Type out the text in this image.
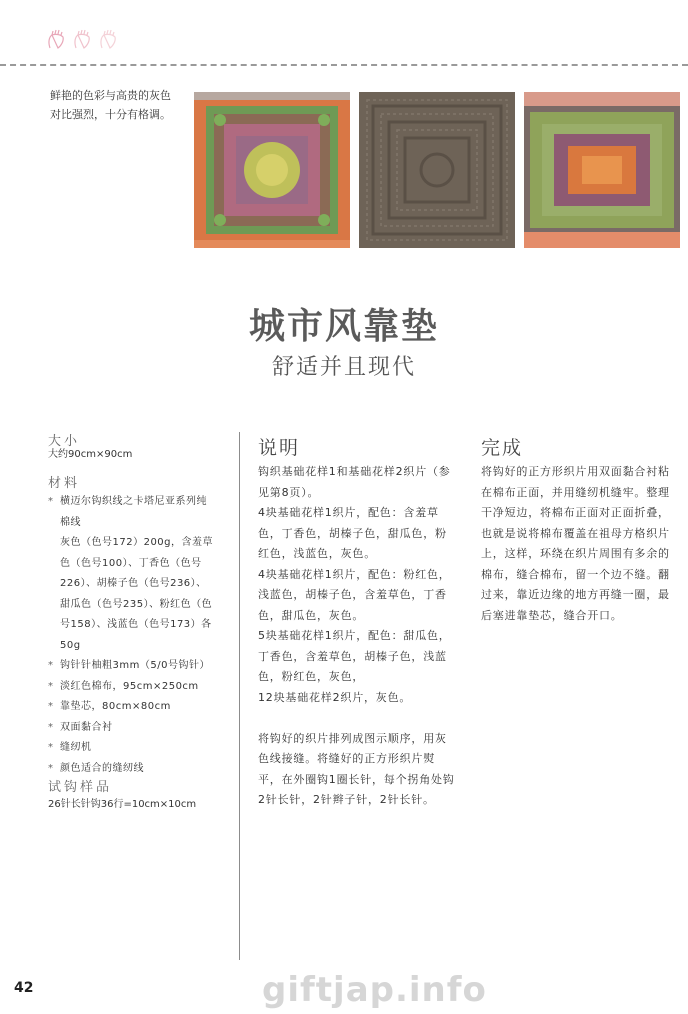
鲜艳的色彩与高贵的灰色
对比强烈，十分有格调。
城市风靠垫
舒适并且现代
大小
大约90cm×90cm
材料
* 横迈尔钩织线之卡塔尼亚系列纯
棉线
灰色（色号172）200g，含羞草
色（色号100）、丁香色（色号
226）、胡榛子色（色号236）、
甜瓜色（色号235）、粉红色（色
号158）、浅蓝色（色号173）各
50g
* 钩针针柚粗3mm（5/0号钩针）
* 淡红色棉布，95cm×250cm
* 靠垫芯，80cm×80cm
* 双面黏合衬
* 缝纫机
* 颜色适合的缝纫线
试钩样品
26针长针钩36行=10cm×10cm
说明
钩织基础花样1和基础花样2织片（参
见第8页）。
4块基础花样1织片，配色：含羞草
色，丁香色，胡榛子色，甜瓜色，粉
红色，浅蓝色，灰色。
4块基础花样1织片，配色：粉红色，
浅蓝色，胡榛子色，含羞草色，丁香
色，甜瓜色，灰色。
5块基础花样1织片，配色：甜瓜色，
丁香色，含羞草色，胡榛子色，浅蓝
色，粉红色，灰色，
12块基础花样2织片，灰色。
将钩好的织片排列成图示顺序，用灰
色线接缝。将缝好的正方形织片熨
平，在外圈钩1圈长针，每个拐角处钩
2针长针，2针辫子针，2针长针。
完成
将钩好的正方形织片用双面黏合衬粘
在棉布正面，并用缝纫机缝牢。整理
干净短边，将棉布正面对正面折叠，
也就是说将棉布覆盖在祖母方格织片
上，这样，环绕在织片周围有多余的
棉布，缝合棉布，留一个边不缝。翻
过来，靠近边缘的地方再缝一圈，最
后塞进靠垫芯，缝合开口。
42	giftjap.info
